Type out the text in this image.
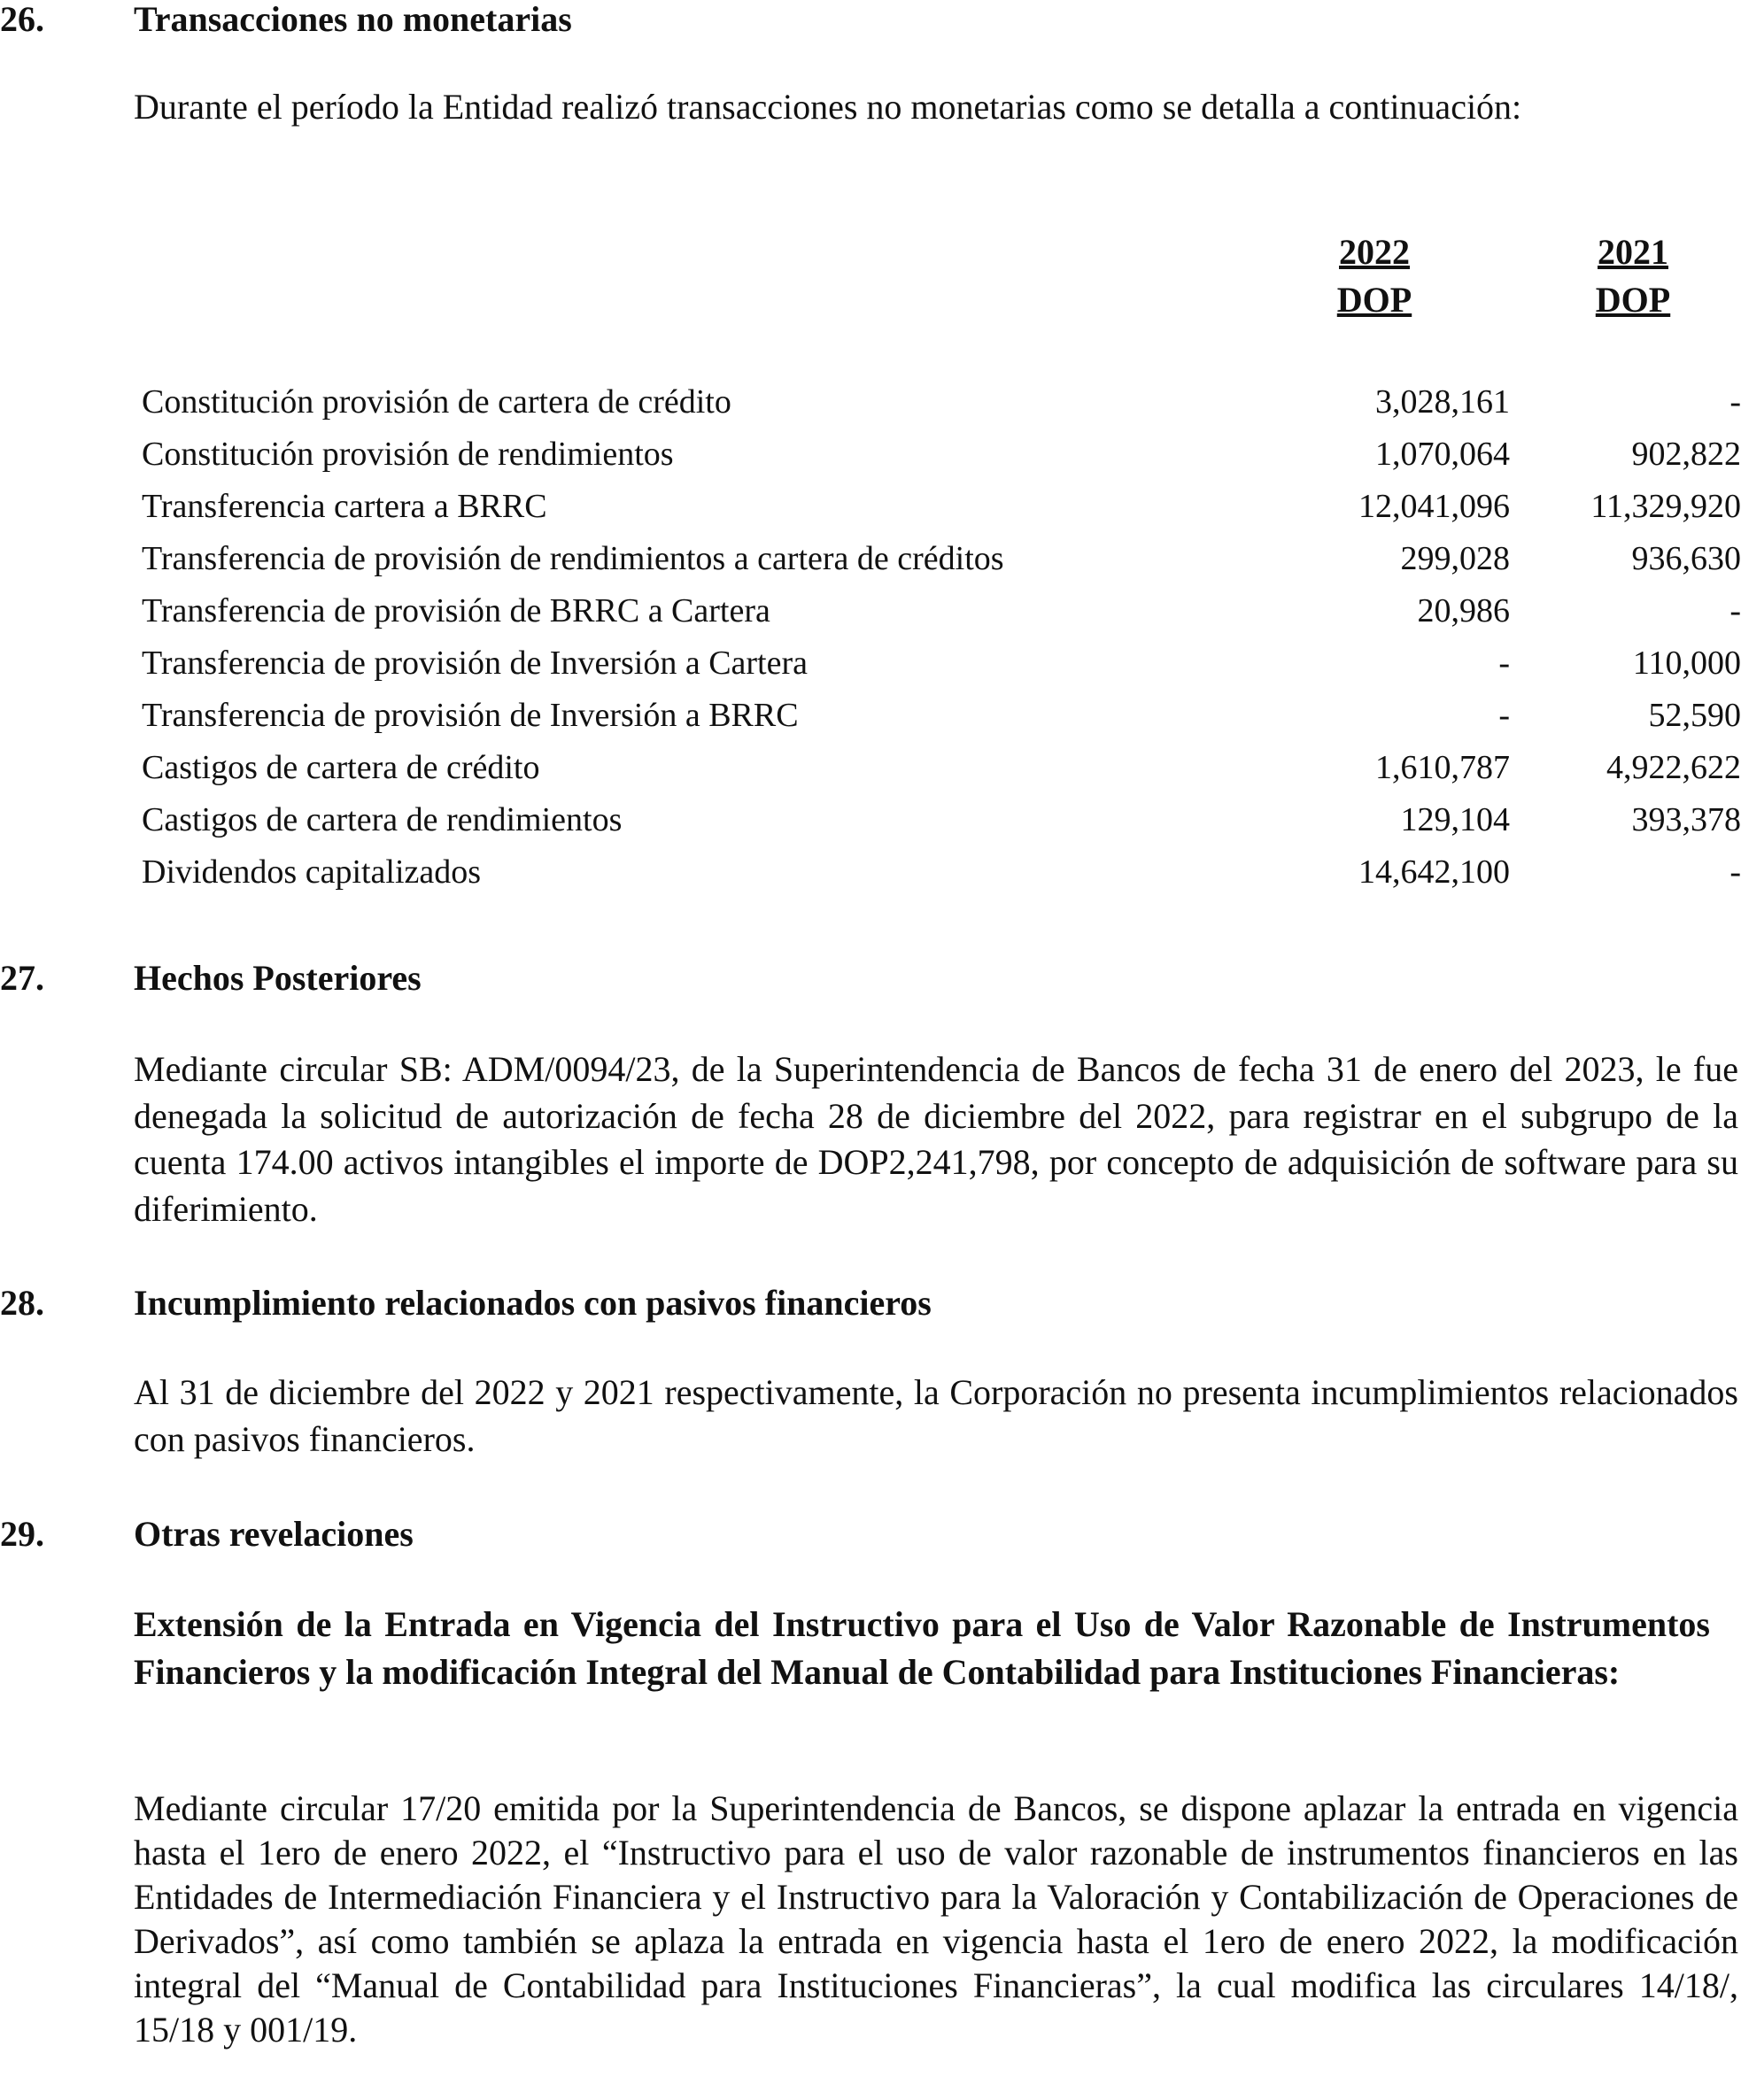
26.	Transacciones no monetarias

Durante el período la Entidad realizó transacciones no monetarias como se detalla a continuación:

2022
DOP
2021
DOP
Constitución provisión de cartera de crédito	3,028,161	-
Constitución provisión de rendimientos	1,070,064	902,822
Transferencia cartera a BRRC	12,041,096 11,329,920
Transferencia de provisión de rendimientos a cartera de créditos	299,028	936,630
Transferencia de provisión de BRRC a Cartera	20,986	-
Transferencia de provisión de Inversión a Cartera	-	110,000
Transferencia de provisión de Inversión a BRRC	-	52,590
Castigos de cartera de crédito	1,610,787	4,922,622
Castigos de cartera de rendimientos	129,104	393,378
Dividendos capitalizados	14,642,100	-
27.	Hechos Posteriores

Mediante circular SB: ADM/0094/23, de la Superintendencia de Bancos de fecha 31 de enero del 2023, le fue denegada la solicitud de autorización de fecha 28 de diciembre del 2022, para registrar en el subgrupo de la cuenta 174.00 activos intangibles el importe de DOP2,241,798, por concepto de adquisición de software para su diferimiento.

28.	Incumplimiento relacionados con pasivos financieros

Al 31 de diciembre del 2022 y 2021 respectivamente, la Corporación no presenta incumplimientos relacionados con pasivos financieros.

29.	Otras revelaciones

Extensión de la Entrada en Vigencia del Instructivo para el Uso de Valor Razonable de Instrumentos Financieros y la modificación Integral del Manual de Contabilidad para Instituciones Financieras:

Mediante circular 17/20 emitida por la Superintendencia de Bancos, se dispone aplazar la entrada en vigencia hasta el 1ero de enero 2022, el “Instructivo para el uso de valor razonable de instrumentos financieros en las Entidades de Intermediación Financiera y el Instructivo para la Valoración y Contabilización de Operaciones de Derivados”, así como también se aplaza la entrada en vigencia hasta el 1ero de enero 2022, la modificación integral del “Manual de Contabilidad para Instituciones Financieras”, la cual modifica las circulares 14/18/, 15/18 y 001/19.
